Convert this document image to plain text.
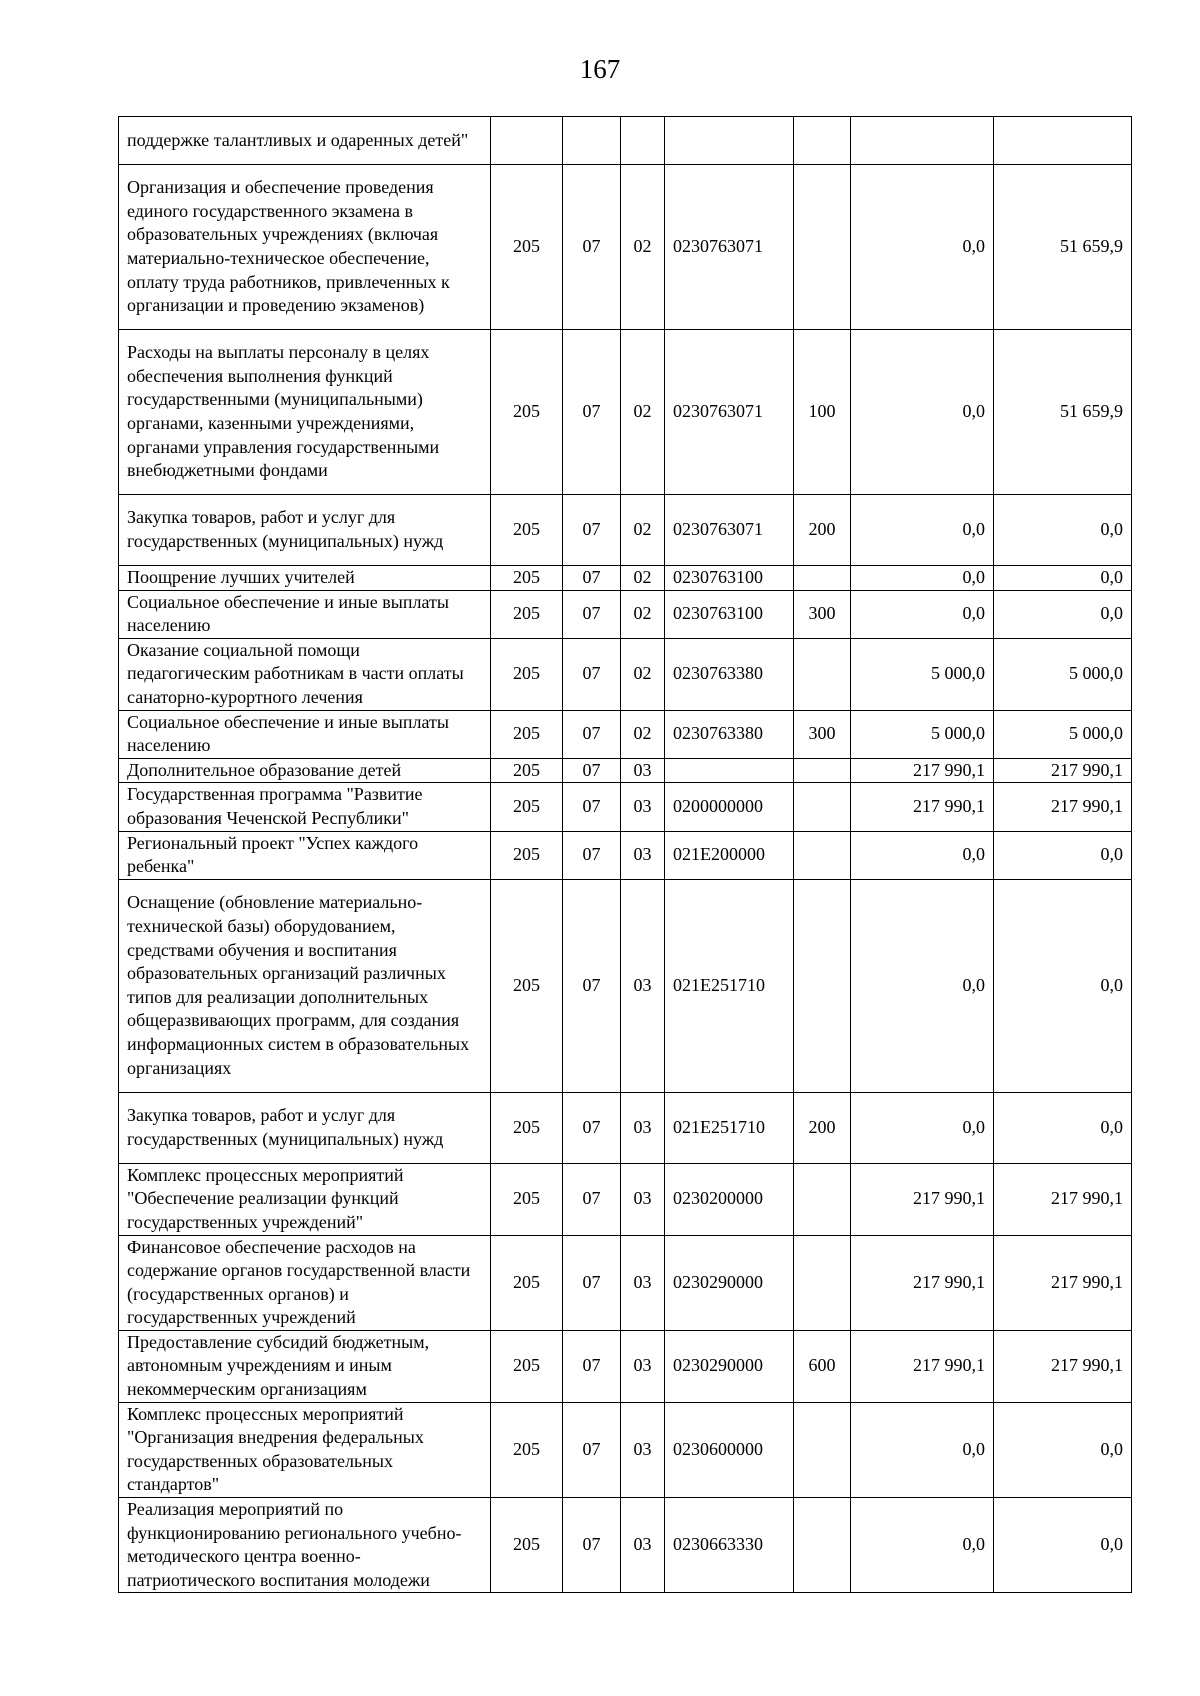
167
поддержке талантливых и одаренных детей"							
Организация и обеспечение проведения единого государственного экзамена в образовательных учреждениях (включая материально-техническое обеспечение, оплату труда работников, привлеченных к организации и проведению экзаменов)	205	07	02	0230763071		0,0	51 659,9
Расходы на выплаты персоналу в целях обеспечения выполнения функций государственными (муниципальными) органами, казенными учреждениями, органами управления государственными внебюджетными фондами	205	07	02	0230763071	100	0,0	51 659,9
Закупка товаров, работ и услуг для государственных (муниципальных) нужд	205	07	02	0230763071	200	0,0	0,0
Поощрение лучших учителей	205	07	02	0230763100		0,0	0,0
Социальное обеспечение и иные выплаты населению	205	07	02	0230763100	300	0,0	0,0
Оказание социальной помощи педагогическим работникам в части оплаты санаторно-курортного лечения	205	07	02	0230763380		5 000,0	5 000,0
Социальное обеспечение и иные выплаты населению	205	07	02	0230763380	300	5 000,0	5 000,0
Дополнительное образование детей	205	07	03			217 990,1	217 990,1
Государственная программа "Развитие образования Чеченской Республики"	205	07	03	0200000000		217 990,1	217 990,1
Региональный проект "Успех каждого ребенка"	205	07	03	021Е200000		0,0	0,0
Оснащение (обновление материально-технической базы) оборудованием, средствами обучения и воспитания образовательных организаций различных типов для реализации дополнительных общеразвивающих программ, для создания информационных систем в образовательных организациях	205	07	03	021Е251710		0,0	0,0
Закупка товаров, работ и услуг для государственных (муниципальных) нужд	205	07	03	021Е251710	200	0,0	0,0
Комплекс процессных мероприятий "Обеспечение реализации функций государственных учреждений"	205	07	03	0230200000		217 990,1	217 990,1
Финансовое обеспечение расходов на содержание органов государственной власти (государственных органов) и государственных учреждений	205	07	03	0230290000		217 990,1	217 990,1
Предоставление субсидий бюджетным, автономным учреждениям и иным некоммерческим организациям	205	07	03	0230290000	600	217 990,1	217 990,1
Комплекс процессных мероприятий "Организация внедрения федеральных государственных образовательных стандартов"	205	07	03	0230600000		0,0	0,0
Реализация мероприятий по функционированию регионального учебно-методического центра военно-патриотического воспитания молодежи	205	07	03	0230663330		0,0	0,0
